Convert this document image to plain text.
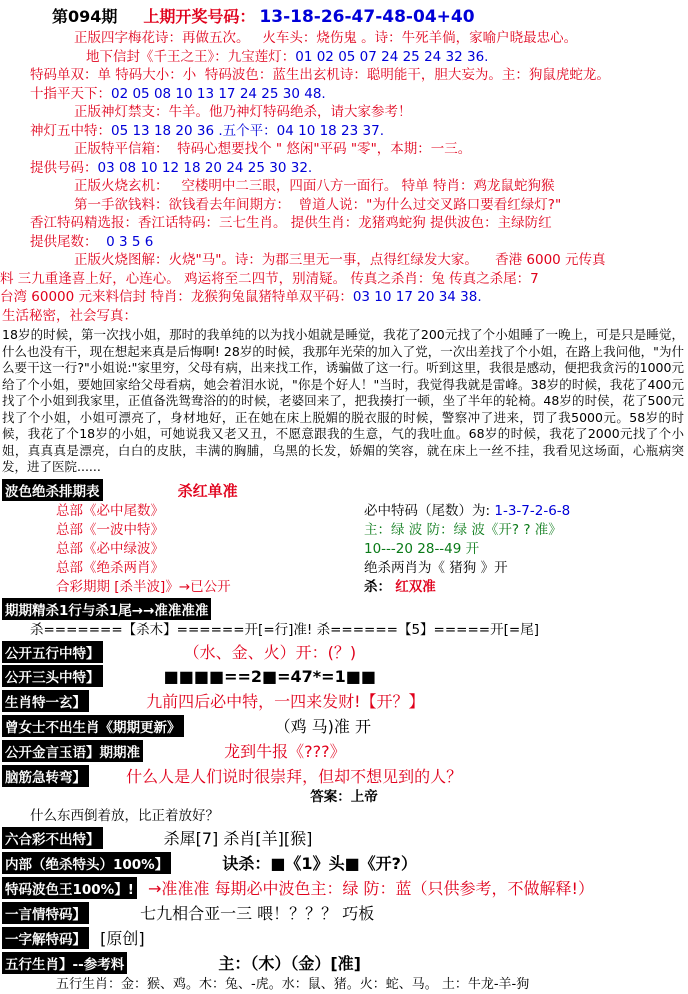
第094期 上期开奖号码： 13-18-26-47-48-04+40
正版四字梅花诗：再做五次。 火车头：烧伤鬼 。诗：牛死羊倘，家喻户晓最忠心。
地下信封《千王之王》：九宝莲灯：01 02 05 07 24 25 24 32 36.
特码单双：单 特码大小：小  特码波色：蓝生出玄机诗：聪明能干，胆大妄为。主：狗鼠虎蛇龙。
十指平天下：02 05 08 10 13 17 24 25 30 48.
正版神灯禁支：牛羊。他乃神灯特码绝杀，请大家参考！
神灯五中特：05 13 18 20 36 .五个平：04 10 18 23 37.
正版特平信箱： 特码心想要找个 " 悠闲"平码 "零"，本期：一三。
提供号码：03 08 10 12 18 20 24 25 30 32.
正版火烧玄机： 空楼明中二三眼，四面八方一面行。 特单 特肖：鸡龙鼠蛇狗猴
第一手欲钱料：欲钱看去年间期方： 曾道人说："为什么过交叉路口要看红绿灯?"
香江特码精选报：香江话特码：三七生肖。 提供生肖：龙猪鸡蛇狗 提供波色：主绿防红
提供尾数： 0 3 5 6
正版火烧图解：火烧"马"。诗：为郡三里无一事，点得红绿发大家。 香港 6000 元传真
料 三九重逢喜上好，心连心。 鸡运将至二四节，别清疑。 传真之杀肖：兔 传真之杀尾：7
台湾 60000 元来料信封 特肖：龙猴狗兔鼠猪特单双平码：03 10 17 20 34 38.
生活秘密，社会写真：
18岁的时候，第一次找小姐，那时的我单纯的以为找小姐就是睡觉，我花了200元找了个小姐睡了一晚上，可是只是睡觉，什么也没有干，现在想起来真是后悔啊! 28岁的时候，我那年光荣的加入了党，一次出差找了个小姐，在路上我问他，"为什么要干这一行?"小姐说:"家里穷，父母有病，出来找工作，诱骗做了这一行。听到这里，我很是感动，便把我贪污的1000元给了个小姐，要她回家给父母看病，她会着泪水说，"你是个好人！"当时，我觉得我就是雷峰。38岁的时候，我花了400元找了个小姐到我家里，正值备洗鸳鸯浴的的时候，老婆回来了，把我揍打一顿，坐了半年的轮椅。48岁的时侯，花了500元找了个小姐，小姐可漂亮了，身材地好，正在她在床上脱媚的脱衣服的时候，警察冲了进来，罚了我5000元。58岁的时候，我花了个18岁的小姐，可她说我又老又丑，不愿意跟我的生意，气的我吐血。68岁的时候，我花了2000元找了个小姐，真真真是漂亮，白白的皮肤，丰满的胸脯，乌黑的长发，娇媚的笑容，就在床上一丝不挂，我看见这场面，心瓶病突发，进了医院......
波色绝杀排期表	杀红单准
总部《必中尾数》	必中特码（尾数）为: 1-3-7-2-6-8
总部《一波中特》	主：绿 波 防：绿 波《开? ? 准》
总部《必中绿波》	10---20 28--49 开
总部《绝杀两肖》	绝杀两肖为《 猪狗 》开
合彩期期 [杀半波]》→已公开	杀： 红双准
期期精杀1行与杀1尾→→准准准准
杀=======【杀木】======开[=行]准! 杀======【5】=====开[=尾]
公开五行中特】	（水、金、火）开：(？)
公开三头中特】	■■■■==2■=47*=1■■
生肖特一玄】	九前四后必中特，一四来发财!【开？】
曾女士不出生肖《期期更新》	（鸡 马)准 开
公开金言玉语】期期准	龙到牛报《???》
脑筋急转弯】	什么人是人们说时很崇拜，但却不想见到的人？
答案：上帝
什么东西倒着放，比正着放好？
六合彩不出特】	杀犀[7] 杀肖[羊][猴]
内部（绝杀特头）100%】	诀杀：■《1》头■《开?）
特码波色王100%】! →准准准 每期必中波色主：绿 防：蓝（只供参考，不做解释!）
一言情特码】	七九相合亚一三 喂！？？？ 巧板
一字解特码】 [原创]
五行生肖】--参考料	主：（木）（金）[准]
五行生肖：金：猴、鸡。木：兔、-虎。水：鼠、猪。火：蛇、马。 土：牛龙-羊-狗
